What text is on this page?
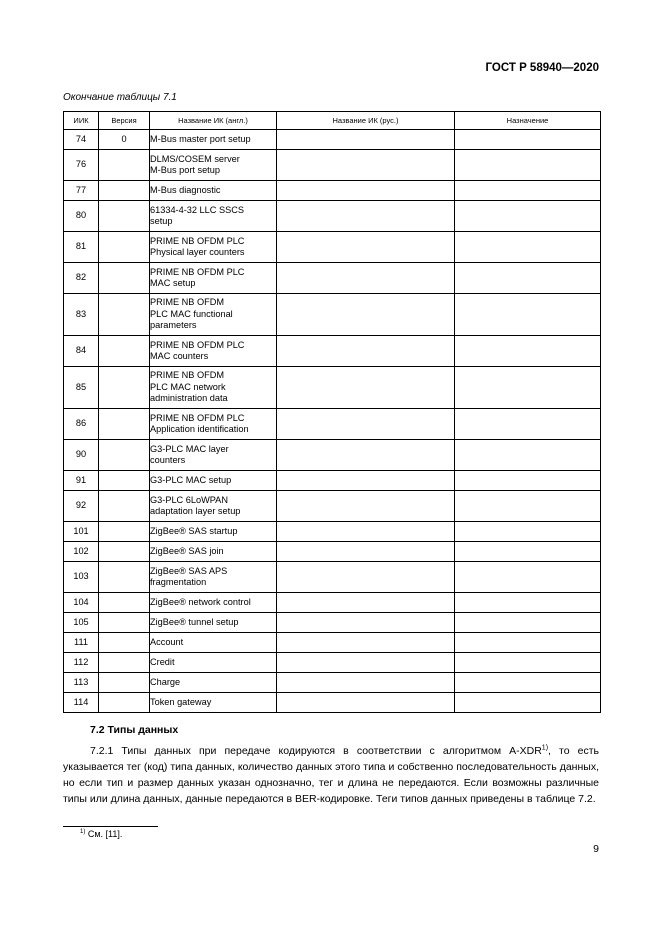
ГОСТ Р 58940—2020
Окончание таблицы 7.1
ИИК	Версия	Название ИК (англ.)	Название ИК (рус.)	Назначение
74	0	M-Bus master port setup		

76		DLMS/COSEM server
M-Bus port setup		

77		M-Bus diagnostic		

80		61334-4-32 LLC SSCS
setup		

81		PRIME NB OFDM PLC
Physical layer counters		

82		PRIME NB OFDM PLC
MAC setup		

83		PRIME NB OFDM
PLC MAC functional
parameters		

84		PRIME NB OFDM PLC
MAC counters		

85		PRIME NB OFDM
PLC MAC network
administration data		

86		PRIME NB OFDM PLC
Application identification		

90		G3-PLC MAC layer
counters		

91		G3-PLC MAC setup		

92		G3-PLC 6LoWPAN
adaptation layer setup		

101		ZigBee® SAS startup		

102		ZigBee® SAS join		

103		ZigBee® SAS APS
fragmentation		

104		ZigBee® network control		

105		ZigBee® tunnel setup		

111		Account		

112		Credit		

113		Charge		

114		Token gateway		

7.2 Типы данных
7.2.1 Типы данных при передаче кодируются в соответствии с алгоритмом A-XDR$^{1)}$, то есть указывается тег (код) типа данных, количество данных этого типа и собственно последовательность данных, но если тип и размер данных указан однозначно, тег и длина не передаются. Если возможны различные типы или длина данных, данные передаются в BER-кодировке. Теги типов данных приведены в таблице 7.2.
$^{1)}$ См. [11].
9
